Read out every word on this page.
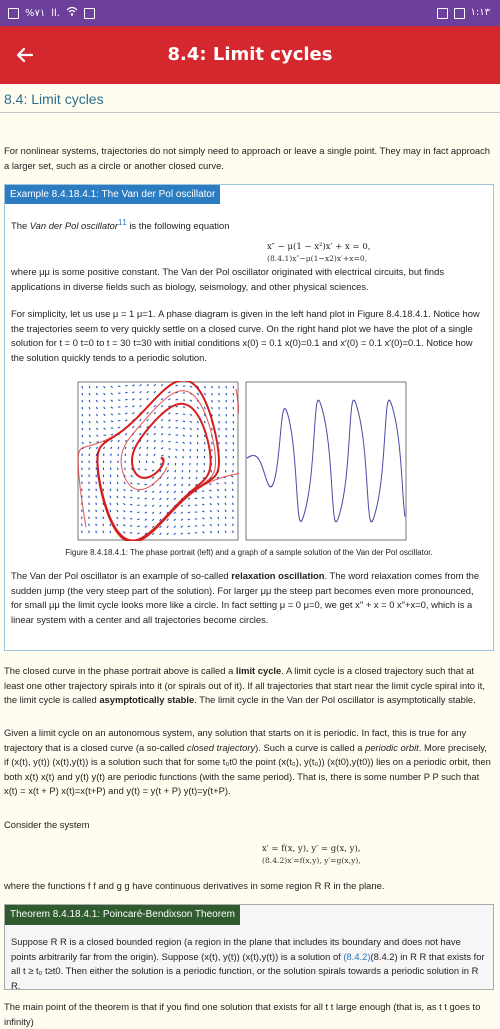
%۷۱ ll.	۱:۱۳
8.4: Limit cycles
8.4: Limit cycles
For nonlinear systems, trajectories do not simply need to approach or leave a single point. They may in fact approach a larger set, such as a circle or another closed curve.
Example 8.4.18.4.1: The Van der Pol oscillator
The Van der Pol oscillator$^{11}$ is the following equation
x″ − μ(1 − x²)x′ + x = 0,
(8.4.1)x″−μ(1−x2)x′+x=0,
where μμ is some positive constant. The Van der Pol oscillator originated with electrical circuits, but finds applications in diverse fields such as biology, seismology, and other physical sciences.
For simplicity, let us use μ = 1 μ=1. A phase diagram is given in the left hand plot in Figure 8.4.18.4.1. Notice how the trajectories seem to very quickly settle on a closed curve. On the right hand plot we have the plot of a single solution for t = 0 t=0 to t = 30 t=30 with initial conditions x(0) = 0.1 x(0)=0.1 and x′(0) = 0.1 x′(0)=0.1. Notice how the solution quickly tends to a periodic solution.
Figure 8.4.18.4.1: The phase portrait (left) and a graph of a sample solution of the Van der Pol oscillator.
The Van der Pol oscillator is an example of so-called relaxation oscillation. The word relaxation comes from the sudden jump (the very steep part of the solution). For larger μμ the steep part becomes even more pronounced, for small μμ the limit cycle looks more like a circle. In fact setting μ = 0 μ=0, we get x″ + x = 0 x″+x=0, which is a linear system with a center and all trajectories become circles.
The closed curve in the phase portrait above is called a limit cycle. A limit cycle is a closed trajectory such that at least one other trajectory spirals into it (or spirals out of it). If all trajectories that start near the limit cycle spiral into it, the limit cycle is called asymptotically stable. The limit cycle in the Van der Pol oscillator is asymptotically stable.
Given a limit cycle on an autonomous system, any solution that starts on it is periodic. In fact, this is true for any trajectory that is a closed curve (a so-called closed trajectory). Such a curve is called a periodic orbit. More precisely, if (x(t), y(t)) (x(t),y(t)) is a solution such that for some t₀t0 the point (x(t₀), y(t₀)) (x(t0),y(t0)) lies on a periodic orbit, then both x(t) x(t) and y(t) y(t) are periodic functions (with the same period). That is, there is some number P P such that x(t) = x(t + P) x(t)=x(t+P) and y(t) = y(t + P) y(t)=y(t+P).
Consider the system
x′ = f(x, y), y′ = g(x, y),
(8.4.2)x′=f(x,y), y′=g(x,y),
where the functions f f and g g have continuous derivatives in some region R R in the plane.
Theorem 8.4.18.4.1: Poincaré-Bendixson Theorem
Suppose R R is a closed bounded region (a region in the plane that includes its boundary and does not have points arbitrarily far from the origin). Suppose (x(t), y(t)) (x(t),y(t)) is a solution of (8.4.2)(8.4.2) in R R that exists for all t ≥ t₀ t≥t0. Then either the solution is a periodic function, or the solution spirals towards a periodic solution in R R.
The main point of the theorem is that if you find one solution that exists for all t t large enough (that is, as t t goes to infinity)
